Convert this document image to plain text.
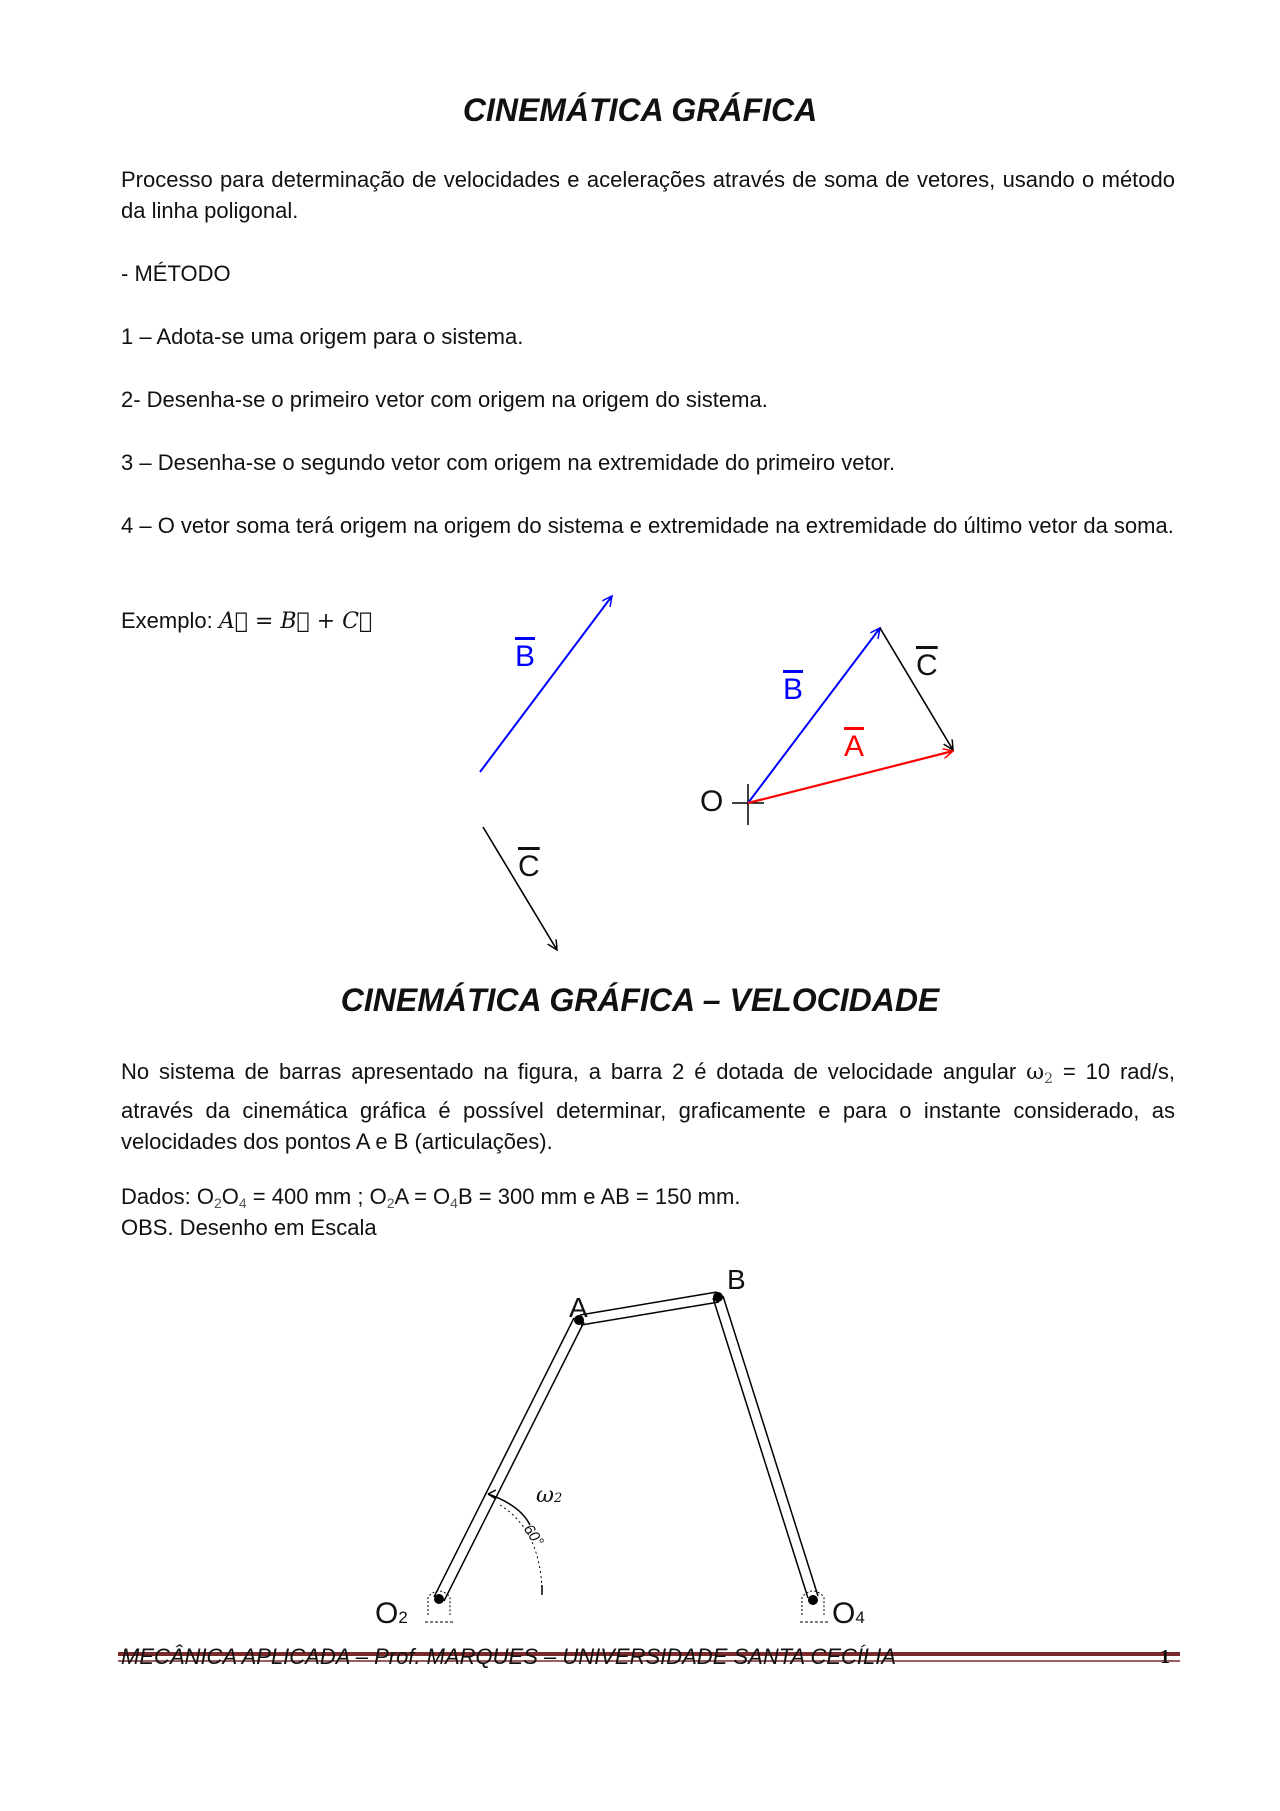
CINEMÁTICA GRÁFICA
Processo para determinação de velocidades e acelerações através de soma de vetores, usando o método da linha poligonal.
- MÉTODO
1 – Adota-se uma origem para o sistema.
2- Desenha-se o primeiro vetor com origem na origem do sistema.
3 – Desenha-se o segundo vetor com origem na extremidade do primeiro vetor.
4 – O vetor soma terá origem na origem do sistema e extremidade na extremidade do último vetor da soma.
Exemplo: A⃗ = B⃗ + C⃗
$\overline{B}$
$\overline{C}$
O
$\overline{B}$
$\overline{C}$
$\overline{A}$
CINEMÁTICA GRÁFICA – VELOCIDADE
No sistema de barras apresentado na figura, a barra 2 é dotada de velocidade angular $\omega_2 = 10$ rad/s, através da cinemática gráfica é possível determinar, graficamente e para o instante considerado, as velocidades dos pontos A e B (articulações).
Dados: $O_2O_4 = 400$ mm ; $O_2A = O_4B = 300$ mm e AB = 150 mm.
OBS. Desenho em Escala
A
B
O2	O4
ω2
60°
MECÂNICA APLICADA – Prof. MARQUES – UNIVERSIDADE SANTA CECÍLIA	1
